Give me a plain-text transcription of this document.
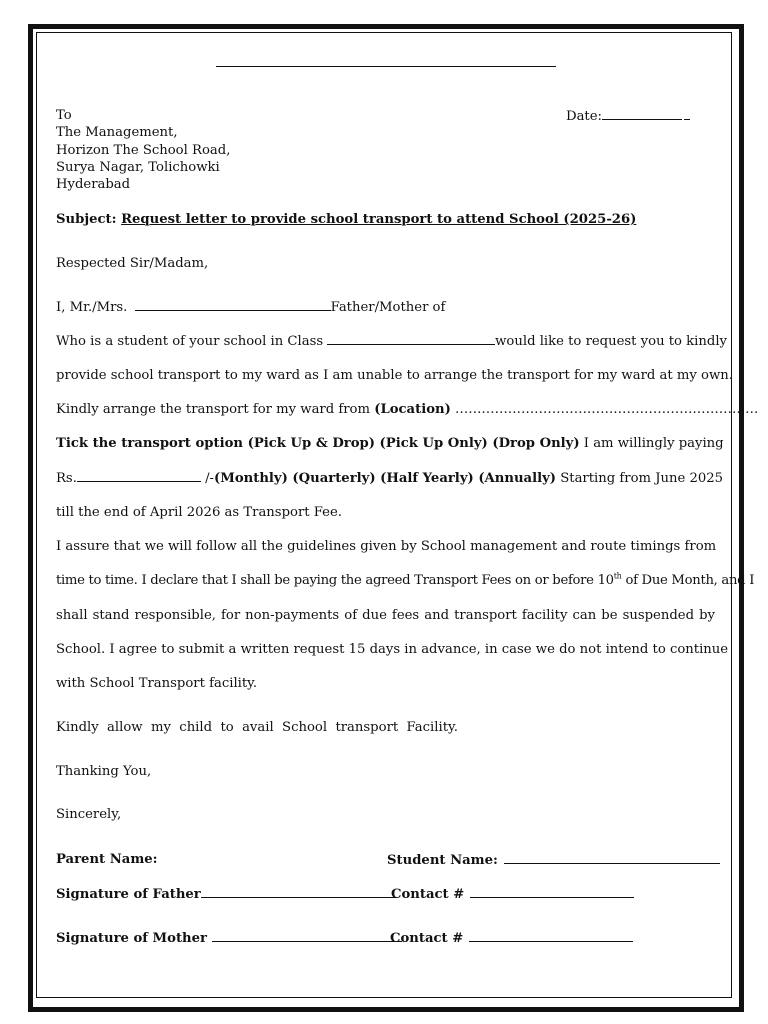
To
The Management,
Horizon The School Road,
Surya Nagar, Tolichowki
Hyderabad
Date:
Subject: Request letter to provide school transport to attend School (2025-26)
Respected Sir/Madam,
I, Mr./Mrs.	Father/Mother of
Who is a student of your school in Class	would like to request you to kindly
provide school transport to my ward as I am unable to arrange the transport for my ward at my own.
Kindly arrange the transport for my ward from (Location) ……………………………………………………………
Tick the transport option (Pick Up & Drop) (Pick Up Only) (Drop Only) I am willingly paying
Rs.	/-(Monthly) (Quarterly) (Half Yearly) (Annually) Starting from June 2025
till the end of April 2026 as Transport Fee.
I assure that we will follow all the guidelines given by School management and route timings from
time to time. I declare that I shall be paying the agreed Transport Fees on or before 10th of Due Month, and I
shall stand responsible, for non-payments of due fees and transport facility can be suspended by
School. I agree to submit a written request 15 days in advance, in case we do not intend to continue
with School Transport facility.
Kindly  allow  my  child  to  avail  School  transport  Facility.
Thanking You,
Sincerely,
Parent Name:	Student Name:
Signature of Father	Contact #
Signature of Mother	Contact #
